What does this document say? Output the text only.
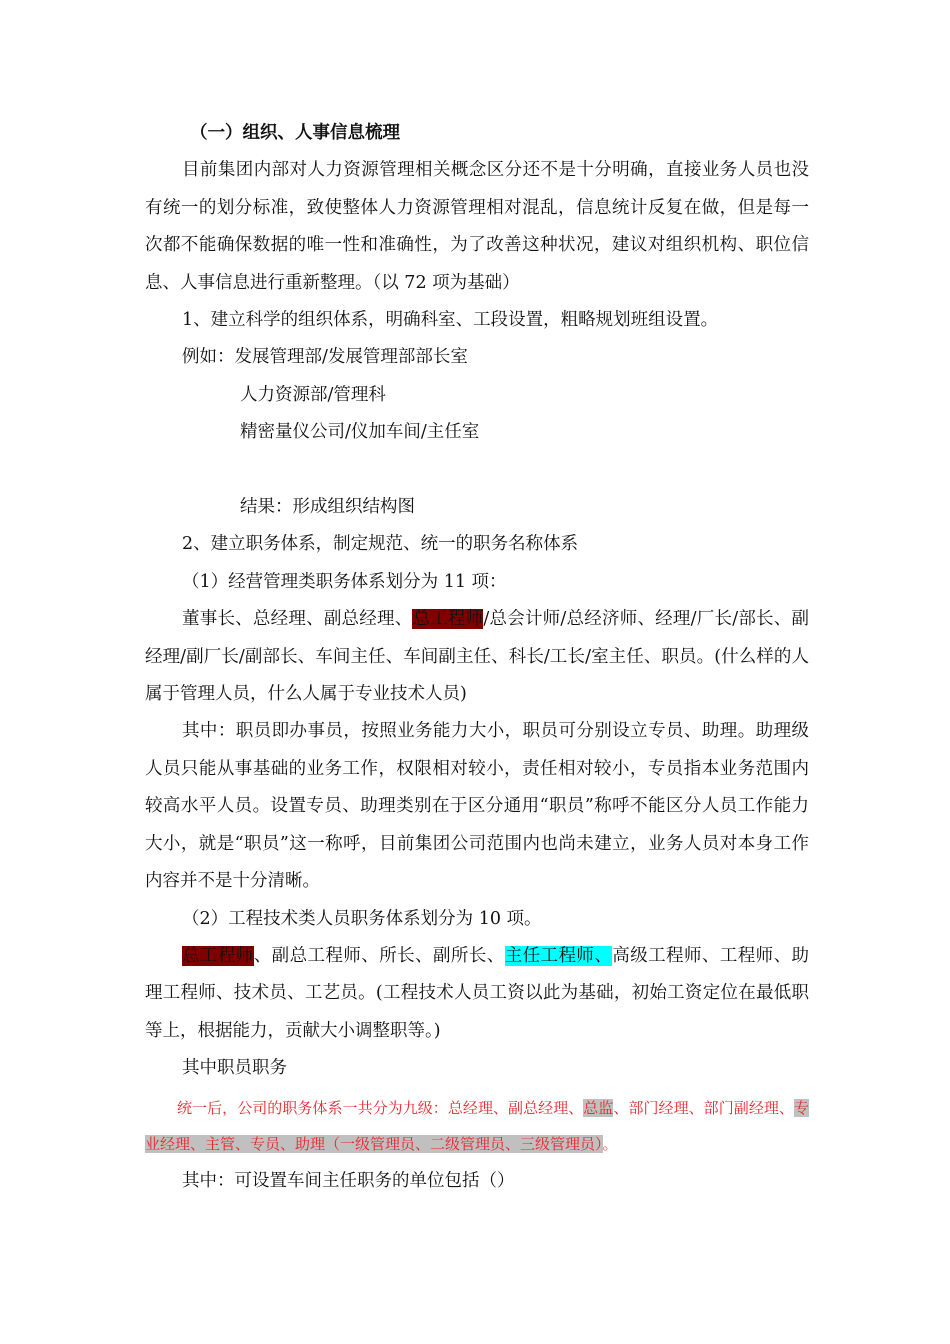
（一）组织、人事信息梳理

目前集团内部对人力资源管理相关概念区分还不是十分明确，直接业务人员也没有统一的划分标准，致使整体人力资源管理相对混乱，信息统计反复在做，但是每一次都不能确保数据的唯一性和准确性，为了改善这种状况，建议对组织机构、职位信息、人事信息进行重新整理。（以 72 项为基础）

1、建立科学的组织体系，明确科室、工段设置，粗略规划班组设置。

例如：发展管理部/发展管理部部长室

人力资源部/管理科

精密量仪公司/仪加车间/主任室

结果：形成组织结构图

2、建立职务体系，制定规范、统一的职务名称体系

（1）经营管理类职务体系划分为 11 项：

董事长、总经理、副总经理、总工程师/总会计师/总经济师、经理/厂长/部长、副经理/副厂长/副部长、车间主任、车间副主任、科长/工长/室主任、职员。(什么样的人属于管理人员，什么人属于专业技术人员)

其中：职员即办事员，按照业务能力大小，职员可分别设立专员、助理。助理级人员只能从事基础的业务工作，权限相对较小，责任相对较小，专员指本业务范围内较高水平人员。设置专员、助理类别在于区分通用“职员”称呼不能区分人员工作能力大小，就是“职员”这一称呼，目前集团公司范围内也尚未建立，业务人员对本身工作内容并不是十分清晰。

（2）工程技术类人员职务体系划分为 10 项。

总工程师、副总工程师、所长、副所长、主任工程师、高级工程师、工程师、助理工程师、技术员、工艺员。(工程技术人员工资以此为基础，初始工资定位在最低职等上，根据能力，贡献大小调整职等。)

其中职员职务

统一后，公司的职务体系一共分为九级：总经理、副总经理、总监、部门经理、部门副经理、专业经理、主管、专员、助理（一级管理员、二级管理员、三级管理员）。

其中：可设置车间主任职务的单位包括（）
